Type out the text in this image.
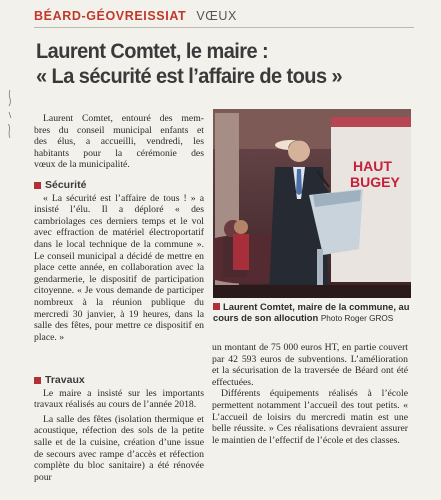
BÉARD-GÉOVREISSIAT VŒUX
Laurent Comtet, le maire :
« La sécurité est l’affaire de tous »
Laurent Comtet, entouré des mem-
bres du conseil municipal enfants et
des élus, a accueilli, vendredi, les
habitants pour la cérémonie des
vœux de la municipalité.
Sécurité

« La sécurité est l’affaire de tous ! » a insisté l’élu. Il a déploré « des cambriolages ces derniers temps et le vol avec effraction de matériel électroportatif dans le local technique de la commune ». Le conseil municipal a décidé de mettre en place cette année, en collaboration avec la gendarmerie, le dispositif de participation citoyenne. « Je vous demande de participer nombreux à la réunion publique du mercredi 30 janvier, à 19 heures, dans la salle des fêtes, pour mettre ce dispositif en place. »

Travaux

Le maire a insisté sur les importants travaux réalisés au cours de l’année 2018.

La salle des fêtes (isolation thermique et acoustique, réfection des sols de la petite salle et de la cuisine, création d’une issue de secours avec rampe d’accès et réfection complète du bloc sanitaire) a été rénovée pour

HAUT
BUGEY
Laurent Comtet, maire de la commune, au cours de son allocution Photo Roger GROS

un montant de 75 000 euros HT, en partie couvert par 42 593 euros de subventions. L’amélioration et la sécurisation de la traversée de Béard ont été effectuées.

Différents équipements réalisés à l’école permettent notamment l’accueil des tout petits. « L’accueil de loisirs du mercredi matin est une belle réussite. » Ces réalisations devraient assurer le maintien de l’effectif de l’école et des classes.
